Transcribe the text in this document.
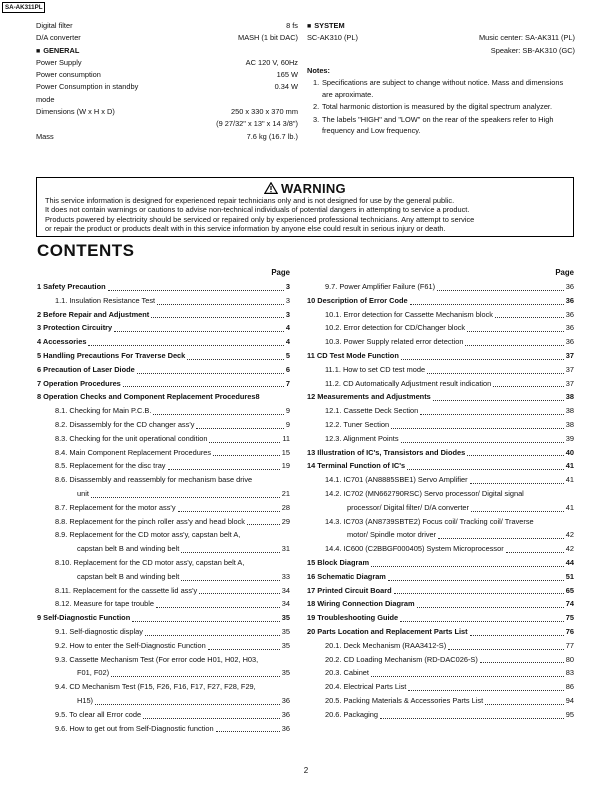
SA-AK311PL
Digital filter	8 fs
D/A converter	MASH (1 bit DAC)
■ GENERAL
Power Supply	AC 120 V, 60Hz
Power consumption	165 W
Power Consumption in standby	0.34 W
mode
Dimensions (W x H x D)	250 x 330 x 370 mm
(9 27/32" x 13" x 14 3/8")
Mass	7.6 kg (16.7 lb.)
■ SYSTEM
SC-AK310 (PL)	Music center: SA-AK311 (PL)
Speaker: SB-AK310 (GC)
Notes:
1. Specifications are subject to change without notice. Mass and dimensions are aproximate.
2. Total harmonic distortion is measured by the digital spectrum analyzer.
3. The labels "HIGH" and "LOW" on the rear of the speakers refer to High frequency and Low frequency.
WARNING
This service information is designed for experienced repair technicians only and is not designed for use by the general public.
It does not contain warnings or cautions to advise non-technical individuals of potential dangers in attempting to service a product.
Products powered by electricity should be serviced or repaired only by experienced professional technicians. Any attempt to service
or repair the product or products dealt with in this service information by anyone else could result in serious injury or death.
CONTENTS
Page
1 Safety Precaution	3
1.1. Insulation Resistance Test	3
2 Before Repair and Adjustment	3
3 Protection Circuitry	4
4 Accessories	4
5 Handling Precautions For Traverse Deck	5
6 Precaution of Laser Diode	6
7 Operation Procedures	7
8 Operation Checks and Component Replacement Procedures 8
8.1. Checking for Main P.C.B.	9
8.2. Disassembly for the CD changer ass'y	9
8.3. Checking for the unit operational condition	11
8.4. Main Component Replacement Procedures	15
8.5. Replacement for the disc tray	19
8.6. Disassembly and reassembly for mechanism base drive
unit	21
8.7. Replacement for the motor ass'y	28
8.8. Replacement for the pinch roller ass'y and head block	29
8.9. Replacement for the CD motor ass'y, capstan belt A,
capstan belt B and winding belt	31
8.10. Replacement for the CD motor ass'y, capstan belt A,
capstan belt B and winding belt	33
8.11. Replacement for the cassette lid ass'y	34
8.12. Measure for tape trouble	34
9 Self-Diagnostic Function	35
9.1. Self-diagnostic display	35
9.2. How to enter the Self-Diagnostic Function	35
9.3. Cassette Mechanism Test (For error code H01, H02, H03,
F01, F02)	35
9.4. CD Mechanism Test (F15, F26, F16, F17, F27, F28, F29,
H15)	36
9.5. To clear all Error code	36
9.6. How to get out from Self-Diagnostic function	36
Page
9.7. Power Amplifier Failure (F61)	36
10 Description of Error Code	36
10.1. Error detection for Cassette Mechanism block	36
10.2. Error detection for CD/Changer block	36
10.3. Power Supply related error detection	36
11 CD Test Mode Function	37
11.1. How to set CD test mode	37
11.2. CD Automatically Adjustment result indication	37
12 Measurements and Adjustments	38
12.1. Cassette Deck Section	38
12.2. Tuner Section	38
12.3. Alignment Points	39
13 Illustration of IC's, Transistors and Diodes	40
14 Terminal Function of IC's	41
14.1. IC701 (AN8885SBE1) Servo Amplifier	41
14.2. IC702 (MN662790RSC) Servo processor/ Digital signal
processor/ Digital filter/ D/A converter	41
14.3. IC703 (AN8739SBTE2) Focus coil/ Tracking coil/ Traverse
motor/ Spindle motor driver	42
14.4. IC600 (C2BBGF000405) System Microprocessor	42
15 Block Diagram	44
16 Schematic Diagram	51
17 Printed Circuit Board	65
18 Wiring Connection Diagram	74
19 Troubleshooting Guide	75
20 Parts Location and Replacement Parts List	76
20.1. Deck Mechanism (RAA3412-S)	77
20.2. CD Loading Mechanism (RD-DAC026-S)	80
20.3. Cabinet	83
20.4. Electrical Parts List	86
20.5. Packing Materials & Accessories Parts List	94
20.6. Packaging	95
2
